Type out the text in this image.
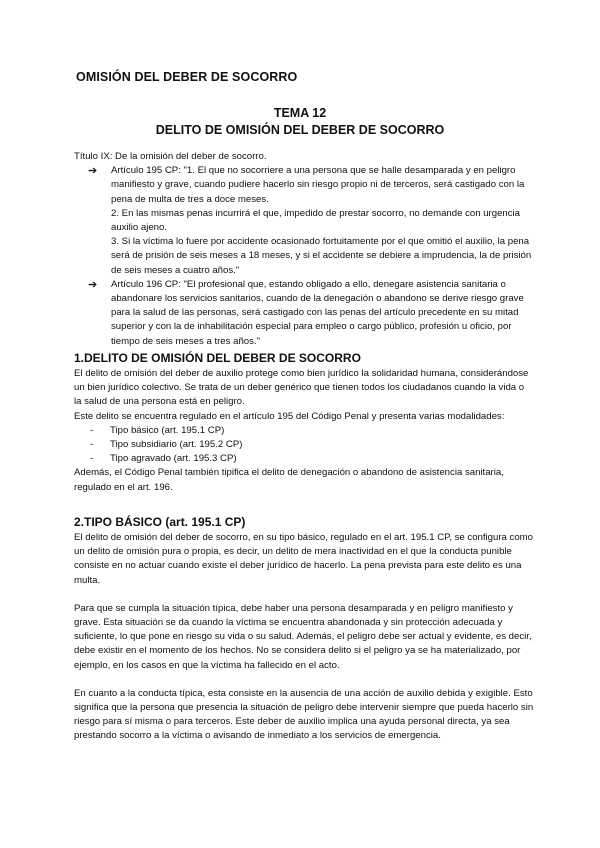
OMISIÓN DEL DEBER DE SOCORRO
TEMA 12
DELITO DE OMISIÓN DEL DEBER DE SOCORRO
Título IX: De la omisión del deber de socorro.
➔ Artículo 195 CP: "1. El que no socorriere a una persona que se halle desamparada y en peligro manifiesto y grave, cuando pudiere hacerlo sin riesgo propio ni de terceros, será castigado con la pena de multa de tres a doce meses.

2. En las mismas penas incurrirá el que, impedido de prestar socorro, no demande con urgencia auxilio ajeno.

3. Si la víctima lo fuere por accidente ocasionado fortuitamente por el que omitió el auxilio, la pena será de prisión de seis meses a 18 meses, y si el accidente se debiere a imprudencia, la de prisión de seis meses a cuatro años."

➔ Artículo 196 CP: "El profesional que, estando obligado a ello, denegare asistencia sanitaria o abandonare los servicios sanitarios, cuando de la denegación o abandono se derive riesgo grave para la salud de las personas, será castigado con las penas del artículo precedente en su mitad superior y con la de inhabilitación especial para empleo o cargo público, profesión u oficio, por tiempo de seis meses a tres años."

1.DELITO DE OMISIÓN DEL DEBER DE SOCORRO

El delito de omisión del deber de auxilio protege como bien jurídico la solidaridad humana, considerándose un bien jurídico colectivo. Se trata de un deber genérico que tienen todos los ciudadanos cuando la vida o la salud de una persona está en peligro.

Este delito se encuentra regulado en el artículo 195 del Código Penal y presenta varias modalidades:

- Tipo básico (art. 195.1 CP)
- Tipo subsidiario (art. 195.2 CP)
- Tipo agravado (art. 195.3 CP)

Además, el Código Penal también tipifica el delito de denegación o abandono de asistencia sanitaria, regulado en el art. 196.

2.TIPO BÁSICO (art. 195.1 CP)

El delito de omisión del deber de socorro, en su tipo básico, regulado en el art. 195.1 CP, se configura como un delito de omisión pura o propia, es decir, un delito de mera inactividad en el que la conducta punible consiste en no actuar cuando existe el deber jurídico de hacerlo. La pena prevista para este delito es una multa.

Para que se cumpla la situación típica, debe haber una persona desamparada y en peligro manifiesto y grave. Esta situación se da cuando la víctima se encuentra abandonada y sin protección adecuada y suficiente, lo que pone en riesgo su vida o su salud. Además, el peligro debe ser actual y evidente, es decir, debe existir en el momento de los hechos. No se considera delito si el peligro ya se ha materializado, por ejemplo, en los casos en que la víctima ha fallecido en el acto.

En cuanto a la conducta típica, esta consiste en la ausencia de una acción de auxilio debida y exigible. Esto significa que la persona que presencia la situación de peligro debe intervenir siempre que pueda hacerlo sin riesgo para sí misma o para terceros. Este deber de auxilio implica una ayuda personal directa, ya sea prestando socorro a la víctima o avisando de inmediato a los servicios de emergencia.
